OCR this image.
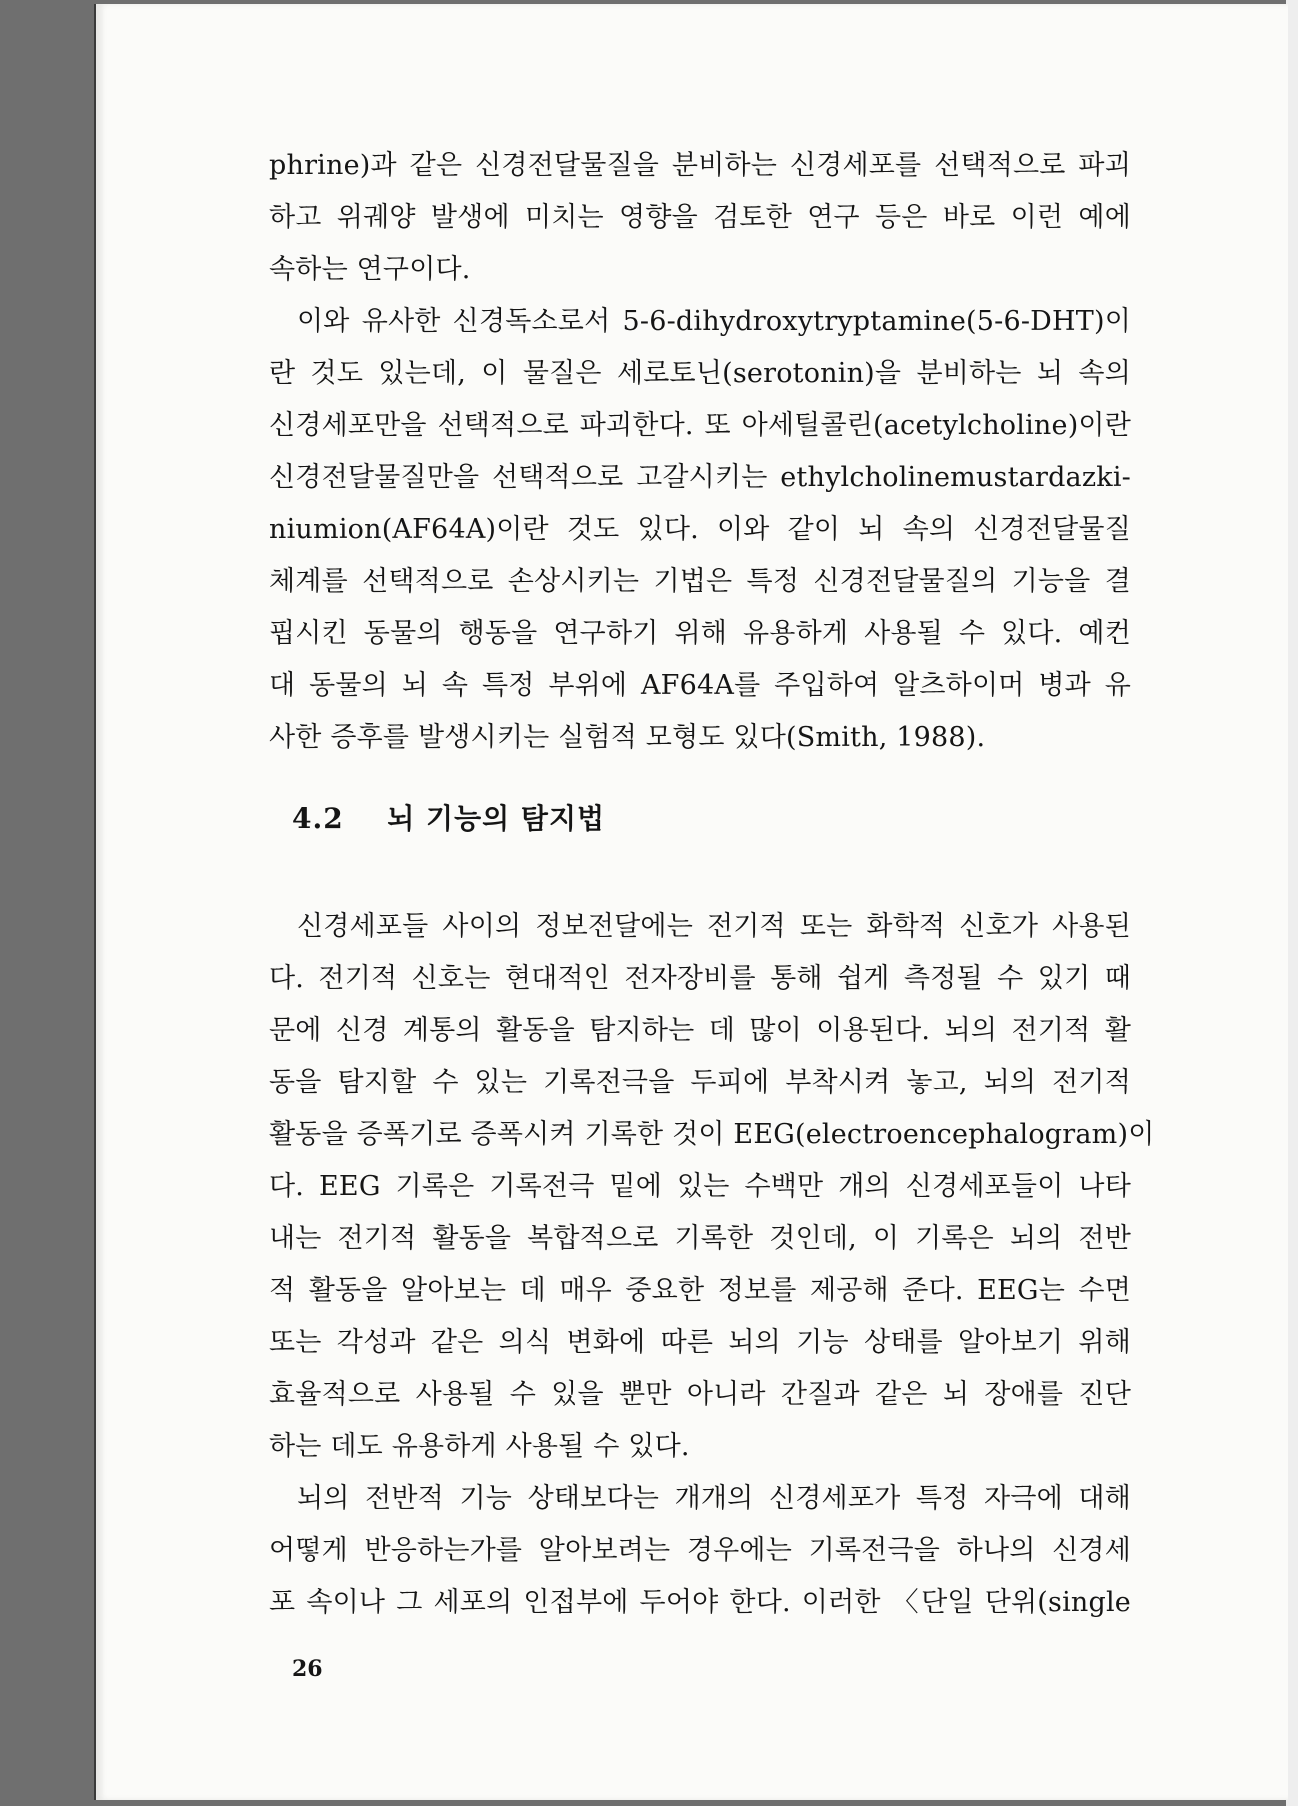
phrine)과 같은 신경전달물질을 분비하는 신경세포를 선택적으로 파괴
하고 위궤양 발생에 미치는 영향을 검토한 연구 등은 바로 이런 예에
속하는 연구이다.
이와 유사한 신경독소로서 5-6-dihydroxytryptamine(5-6-DHT)이
란 것도 있는데, 이 물질은 세로토닌(serotonin)을 분비하는 뇌 속의
신경세포만을 선택적으로 파괴한다. 또 아세틸콜린(acetylcholine)이란
신경전달물질만을 선택적으로 고갈시키는 ethylcholinemustardazki-
niumion(AF64A)이란 것도 있다. 이와 같이 뇌 속의 신경전달물질
체계를 선택적으로 손상시키는 기법은 특정 신경전달물질의 기능을 결
핍시킨 동물의 행동을 연구하기 위해 유용하게 사용될 수 있다. 예컨
대 동물의 뇌 속 특정 부위에 AF64A를 주입하여 알츠하이머 병과 유
사한 증후를 발생시키는 실험적 모형도 있다(Smith, 1988).
4.2 뇌 기능의 탐지법
신경세포들 사이의 정보전달에는 전기적 또는 화학적 신호가 사용된
다. 전기적 신호는 현대적인 전자장비를 통해 쉽게 측정될 수 있기 때
문에 신경 계통의 활동을 탐지하는 데 많이 이용된다. 뇌의 전기적 활
동을 탐지할 수 있는 기록전극을 두피에 부착시켜 놓고, 뇌의 전기적
활동을 증폭기로 증폭시켜 기록한 것이 EEG(electroencephalogram)이
다. EEG 기록은 기록전극 밑에 있는 수백만 개의 신경세포들이 나타
내는 전기적 활동을 복합적으로 기록한 것인데, 이 기록은 뇌의 전반
적 활동을 알아보는 데 매우 중요한 정보를 제공해 준다. EEG는 수면
또는 각성과 같은 의식 변화에 따른 뇌의 기능 상태를 알아보기 위해
효율적으로 사용될 수 있을 뿐만 아니라 간질과 같은 뇌 장애를 진단
하는 데도 유용하게 사용될 수 있다.
뇌의 전반적 기능 상태보다는 개개의 신경세포가 특정 자극에 대해
어떻게 반응하는가를 알아보려는 경우에는 기록전극을 하나의 신경세
포 속이나 그 세포의 인접부에 두어야 한다. 이러한 〈단일 단위(single
26
